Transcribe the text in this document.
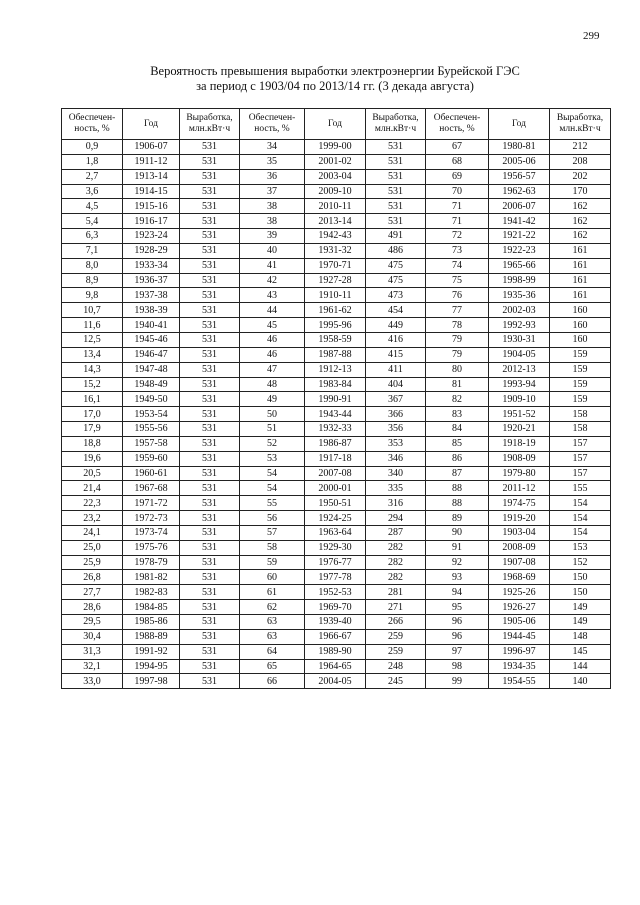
299
Вероятность превышения выработки электроэнергии Бурейской ГЭС
за период с 1903/04 по 2013/14 гг. (3 декада августа)
Обеспечен-ность, %	Год	Выработка, млн.кВт·ч	Обеспечен-ность, %	Год	Выработка, млн.кВт·ч	Обеспечен-ность, %	Год	Выработка, млн.кВт·ч
0,9	1906-07	531	34	1999-00	531	67	1980-81	212
1,8	1911-12	531	35	2001-02	531	68	2005-06	208
2,7	1913-14	531	36	2003-04	531	69	1956-57	202
3,6	1914-15	531	37	2009-10	531	70	1962-63	170
4,5	1915-16	531	38	2010-11	531	71	2006-07	162
5,4	1916-17	531	38	2013-14	531	71	1941-42	162
6,3	1923-24	531	39	1942-43	491	72	1921-22	162
7,1	1928-29	531	40	1931-32	486	73	1922-23	161
8,0	1933-34	531	41	1970-71	475	74	1965-66	161
8,9	1936-37	531	42	1927-28	475	75	1998-99	161
9,8	1937-38	531	43	1910-11	473	76	1935-36	161
10,7	1938-39	531	44	1961-62	454	77	2002-03	160
11,6	1940-41	531	45	1995-96	449	78	1992-93	160
12,5	1945-46	531	46	1958-59	416	79	1930-31	160
13,4	1946-47	531	46	1987-88	415	79	1904-05	159
14,3	1947-48	531	47	1912-13	411	80	2012-13	159
15,2	1948-49	531	48	1983-84	404	81	1993-94	159
16,1	1949-50	531	49	1990-91	367	82	1909-10	159
17,0	1953-54	531	50	1943-44	366	83	1951-52	158
17,9	1955-56	531	51	1932-33	356	84	1920-21	158
18,8	1957-58	531	52	1986-87	353	85	1918-19	157
19,6	1959-60	531	53	1917-18	346	86	1908-09	157
20,5	1960-61	531	54	2007-08	340	87	1979-80	157
21,4	1967-68	531	54	2000-01	335	88	2011-12	155
22,3	1971-72	531	55	1950-51	316	88	1974-75	154
23,2	1972-73	531	56	1924-25	294	89	1919-20	154
24,1	1973-74	531	57	1963-64	287	90	1903-04	154
25,0	1975-76	531	58	1929-30	282	91	2008-09	153
25,9	1978-79	531	59	1976-77	282	92	1907-08	152
26,8	1981-82	531	60	1977-78	282	93	1968-69	150
27,7	1982-83	531	61	1952-53	281	94	1925-26	150
28,6	1984-85	531	62	1969-70	271	95	1926-27	149
29,5	1985-86	531	63	1939-40	266	96	1905-06	149
30,4	1988-89	531	63	1966-67	259	96	1944-45	148
31,3	1991-92	531	64	1989-90	259	97	1996-97	145
32,1	1994-95	531	65	1964-65	248	98	1934-35	144
33,0	1997-98	531	66	2004-05	245	99	1954-55	140
